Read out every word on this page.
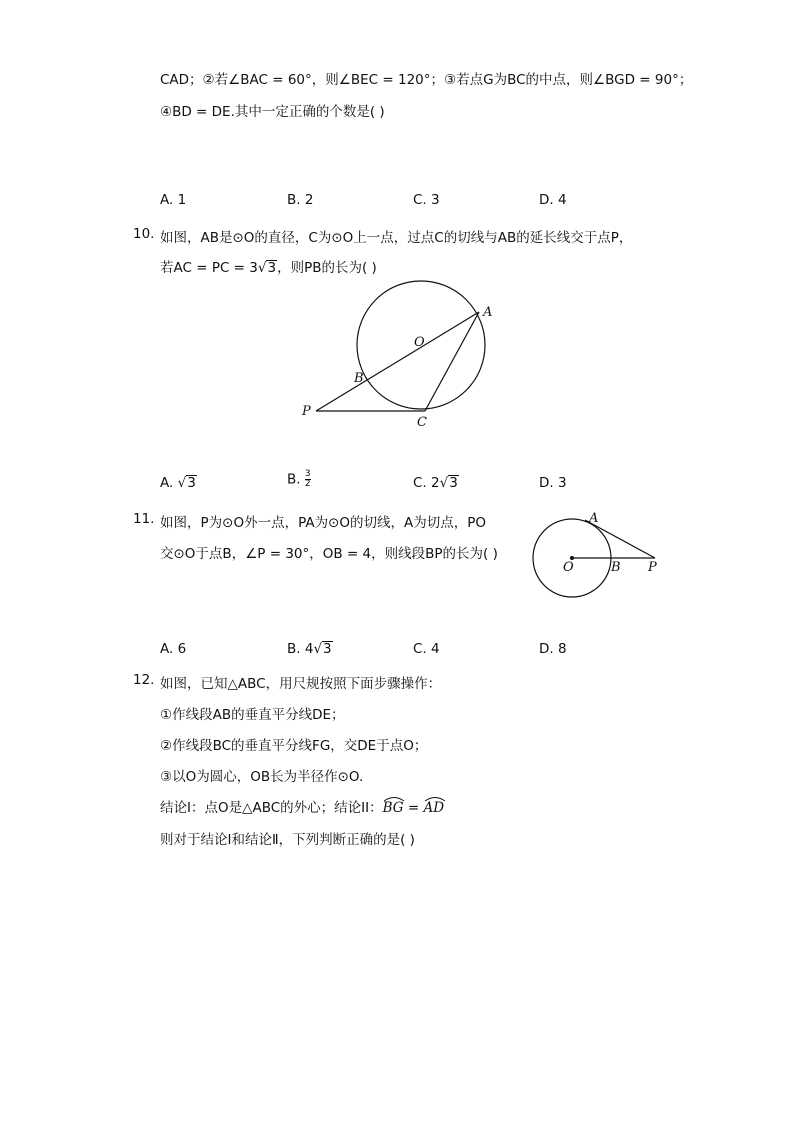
CAD；②若∠BAC = 60°，则∠BEC = 120°；③若点G为BC的中点，则∠BGD = 90°；
④BD = DE.其中一定正确的个数是( )
A. 1	B. 2	C. 3	D. 4
10. 如图，AB是⊙O的直径，C为⊙O上一点，过点C的切线与AB的延长线交于点P，
若AC = PC = 3√3，则PB的长为( )
A
O
B
P
C
A. √3	B. $\frac{3}{2}$	C. 2√3	D. 3
11. 如图，P为⊙O外一点，PA为⊙O的切线，A为切点，PO
交⊙O于点B，∠P = 30°，OB = 4，则线段BP的长为( )
A
O	B P
A. 6	B. 4√3	C. 4	D. 8
12. 如图，已知△ABC，用尺规按照下面步骤操作：
①作线段AB的垂直平分线DE；
②作线段BC的垂直平分线FG，交DE于点O；
③以O为圆心，OB长为半径作⊙O.
结论I：点O是△ABC的外心；结论II：
BG =
AD
则对于结论I和结论Ⅱ，下列判断正确的是( )
